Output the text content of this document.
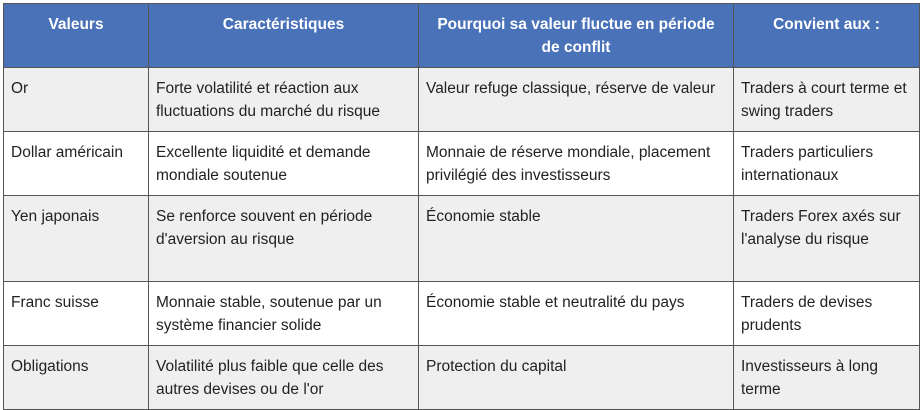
Valeurs	Caractéristiques	Pourquoi sa valeur fluctue en période de conflit	Convient aux :
Or	Forte volatilité et réaction aux fluctuations du marché du risque	Valeur refuge classique, réserve de valeur	Traders à court terme et swing traders
Dollar américain	Excellente liquidité et demande mondiale soutenue	Monnaie de réserve mondiale, placement privilégié des investisseurs	Traders particuliers internationaux
Yen japonais	Se renforce souvent en période d'aversion au risque	Économie stable	Traders Forex axés sur l'analyse du risque
Franc suisse	Monnaie stable, soutenue par un système financier solide	Économie stable et neutralité du pays	Traders de devises prudents
Obligations	Volatilité plus faible que celle des autres devises ou de l'or	Protection du capital	Investisseurs à long terme
